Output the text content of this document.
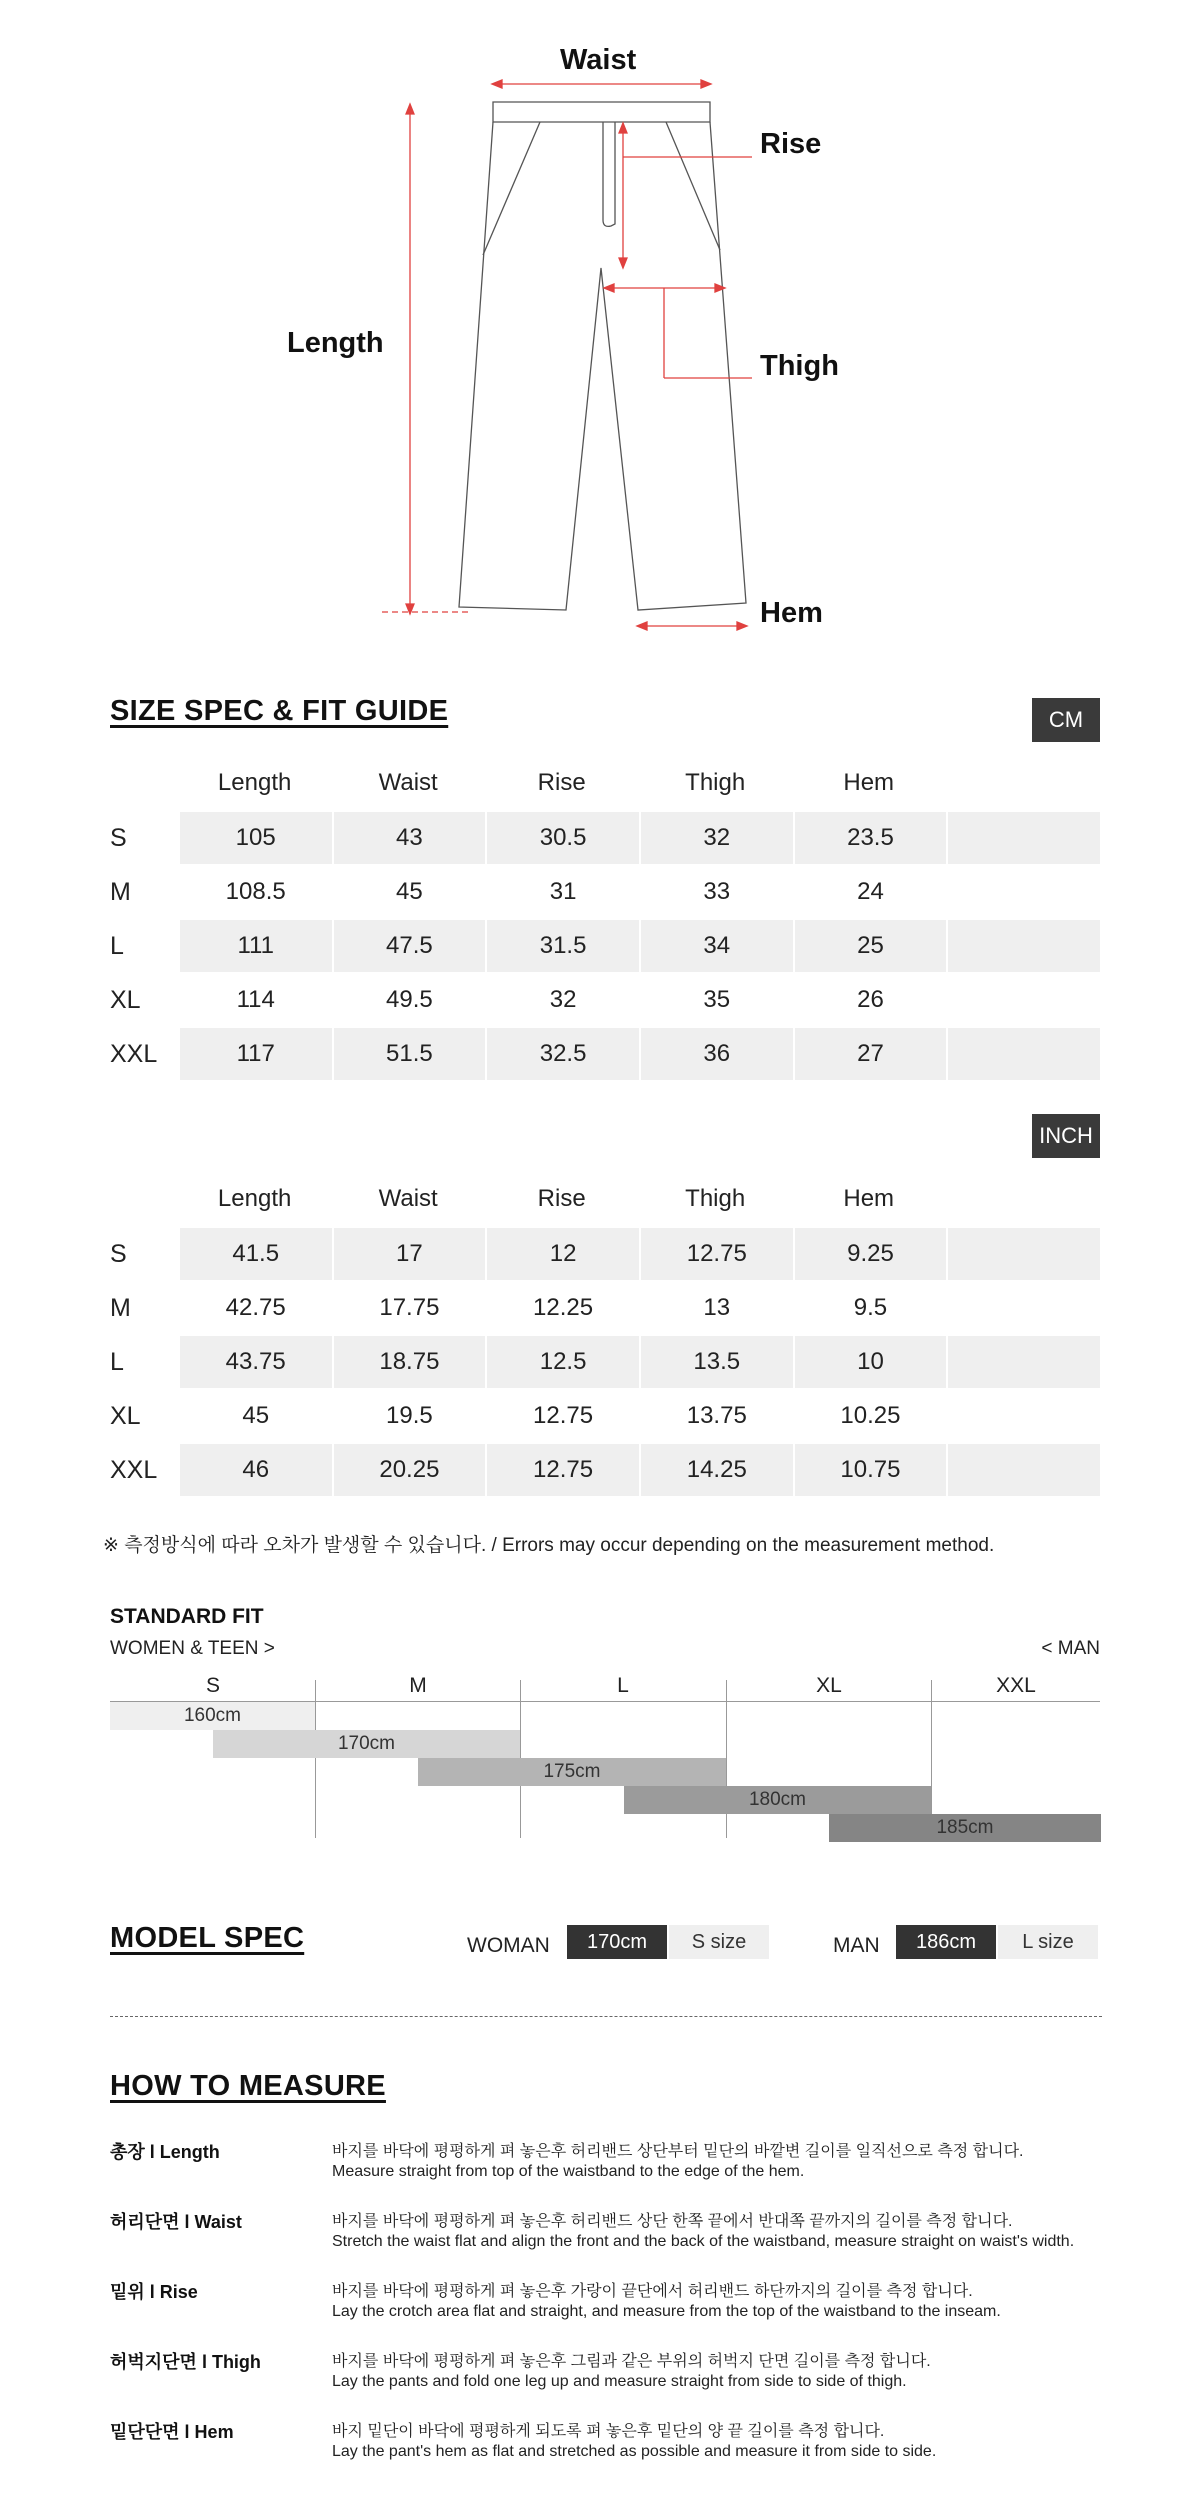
Waist
Rise
Length
Thigh
Hem
SIZE SPEC & FIT GUIDE	CM
Length	Waist	Rise	Thigh	Hem
S	105	43	30.5	32	23.5
M	108.5	45	31	33	24
L	111	47.5	31.5	34	25
XL	114	49.5	32	35	26
XXL	117	51.5	32.5	36	27
INCH
Length	Waist	Rise	Thigh	Hem
S	41.5	17	12	12.75	9.25
M	42.75	17.75	12.25	13	9.5
L	43.75	18.75	12.5	13.5	10
XL	45	19.5	12.75	13.75	10.25
XXL	46	20.25	12.75	14.25	10.75
※ 측정방식에 따라 오차가 발생할 수 있습니다. / Errors may occur depending on the measurement method.
STANDARD FIT
WOMEN & TEEN >	< MAN
S	M	L	XL	XXL
160cm
170cm
175cm
180cm
185cm
MODEL SPEC	WOMAN	170cm	S size	MAN	186cm	L size
HOW TO MEASURE
총장 l Length	바지를 바닥에 평평하게 펴 놓은후 허리밴드 상단부터 밑단의 바깥변 길이를 일직선으로 측정 합니다.
Measure straight from top of the waistband to the edge of the hem.
허리단면 l Waist	바지를 바닥에 평평하게 펴 놓은후 허리밴드 상단 한쪽 끝에서 반대쪽 끝까지의 길이를 측정 합니다.
Stretch the waist flat and align the front and the back of the waistband, measure straight on waist's width.
밑위 l Rise	바지를 바닥에 평평하게 펴 놓은후 가랑이 끝단에서 허리밴드 하단까지의 길이를 측정 합니다.
Lay the crotch area flat and straight, and measure from the top of the waistband to the inseam.
허벅지단면 l Thigh	바지를 바닥에 평평하게 펴 놓은후 그림과 같은 부위의 허벅지 단면 길이를 측정 합니다.
Lay the pants and fold one leg up and measure straight from side to side of thigh.
밑단단면 l Hem	바지 밑단이 바닥에 평평하게 되도록 펴 놓은후 밑단의 양 끝 길이를 측정 합니다.
Lay the pant's hem as flat and stretched as possible and measure it from side to side.
